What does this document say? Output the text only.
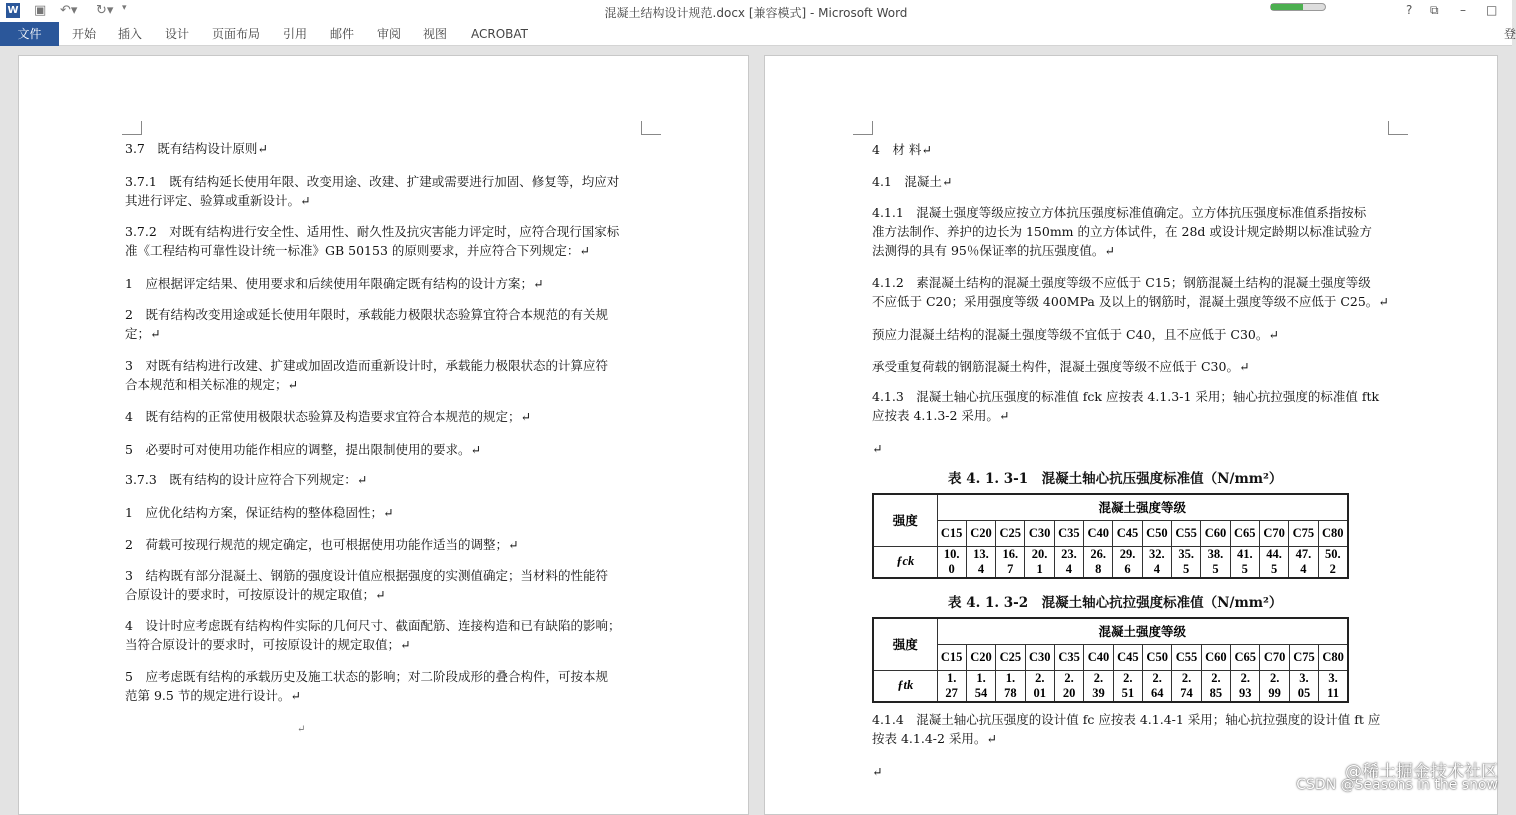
W ▣ ↶▾ ↻▾ ▾	混凝土结构设计规范.docx [兼容模式] - Microsoft Word	? ⧉ – □
文件	开始 插入 设计 页面布局 引用 邮件 审阅 视图 ACROBAT	登
3.7　既有结构设计原则↵
3.7.1　既有结构延长使用年限、改变用途、改建、扩建或需要进行加固、修复等，均应对
其进行评定、验算或重新设计。↵
3.7.2　对既有结构进行安全性、适用性、耐久性及抗灾害能力评定时，应符合现行国家标
准《工程结构可靠性设计统一标准》GB 50153 的原则要求，并应符合下列规定：↵
1　应根据评定结果、使用要求和后续使用年限确定既有结构的设计方案；↵
2　既有结构改变用途或延长使用年限时，承载能力极限状态验算宜符合本规范的有关规
定；↵
3　对既有结构进行改建、扩建或加固改造而重新设计时，承载能力极限状态的计算应符
合本规范和相关标准的规定；↵
4　既有结构的正常使用极限状态验算及构造要求宜符合本规范的规定；↵
5　必要时可对使用功能作相应的调整，提出限制使用的要求。↵
3.7.3　既有结构的设计应符合下列规定：↵
1　应优化结构方案，保证结构的整体稳固性；↵
2　荷载可按现行规范的规定确定，也可根据使用功能作适当的调整；↵
3　结构既有部分混凝土、钢筋的强度设计值应根据强度的实测值确定；当材料的性能符
合原设计的要求时，可按原设计的规定取值；↵
4　设计时应考虑既有结构构件实际的几何尺寸、截面配筋、连接构造和已有缺陷的影响；
当符合原设计的要求时，可按原设计的规定取值；↵
5　应考虑既有结构的承载历史及施工状态的影响；对二阶段成形的叠合构件，可按本规
范第 9.5 节的规定进行设计。↵
↵
4　材 料↵
4.1　混凝土↵
4.1.1　混凝土强度等级应按立方体抗压强度标准值确定。立方体抗压强度标准值系指按标
准方法制作、养护的边长为 150mm 的立方体试件，在 28d 或设计规定龄期以标准试验方
法测得的具有 95％保证率的抗压强度值。↵
4.1.2　素混凝土结构的混凝土强度等级不应低于 C15；钢筋混凝土结构的混凝土强度等级
不应低于 C20；采用强度等级 400MPa 及以上的钢筋时，混凝土强度等级不应低于 C25。↵
预应力混凝土结构的混凝土强度等级不宜低于 C40，且不应低于 C30。↵
承受重复荷载的钢筋混凝土构件，混凝土强度等级不应低于 C30。↵
4.1.3　混凝土轴心抗压强度的标准值 fck 应按表 4.1.3-1 采用；轴心抗拉强度的标准值 ftk
应按表 4.1.3-2 采用。↵
↵
4.1.4　混凝土轴心抗压强度的设计值 fc 应按表 4.1.4-1 采用；轴心抗拉强度的设计值 ft 应
按表 4.1.4-2 采用。↵
↵
表 4. 1. 3-1　混凝土轴心抗压强度标准值（N/mm²）
强度	混凝土强度等级													
	C15	C20	C25	C30	C35	C40	C45	C50	C55	C60	C65	C70	C75	C80
ƒck	10. 0	13. 4	16. 7	20. 1	23. 4	26. 8	29. 6	32. 4	35. 5	38. 5	41. 5	44. 5	47. 4	50. 2
表 4. 1. 3-2　混凝土轴心抗拉强度标准值（N/mm²）
强度	混凝土强度等级													
	C15	C20	C25	C30	C35	C40	C45	C50	C55	C60	C65	C70	C75	C80
ƒtk	1. 27	1. 54	1. 78	2. 01	2. 20	2. 39	2. 51	2. 64	2. 74	2. 85	2. 93	2. 99	3. 05	3. 11
@稀土掘金技术社区
CSDN @Seasons in the snow
